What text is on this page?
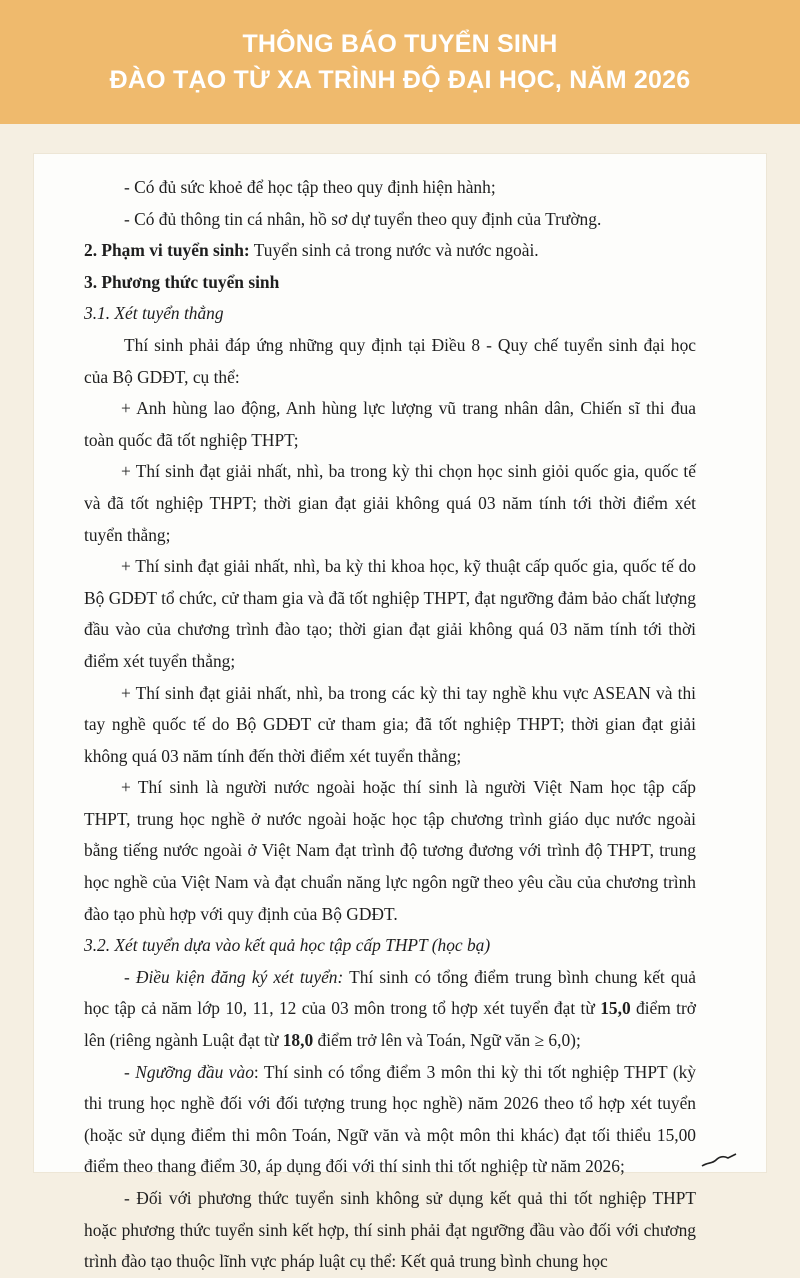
THÔNG BÁO TUYỂN SINH
ĐÀO TẠO TỪ XA TRÌNH ĐỘ ĐẠI HỌC, NĂM 2026

- Có đủ sức khoẻ để học tập theo quy định hiện hành;

- Có đủ thông tin cá nhân, hồ sơ dự tuyển theo quy định của Trường.

2. Phạm vi tuyển sinh: Tuyển sinh cả trong nước và nước ngoài.

3. Phương thức tuyển sinh

3.1. Xét tuyển thẳng

Thí sinh phải đáp ứng những quy định tại Điều 8 - Quy chế tuyển sinh đại học của Bộ GDĐT, cụ thể:

+ Anh hùng lao động, Anh hùng lực lượng vũ trang nhân dân, Chiến sĩ thi đua toàn quốc đã tốt nghiệp THPT;

+ Thí sinh đạt giải nhất, nhì, ba trong kỳ thi chọn học sinh giỏi quốc gia, quốc tế và đã tốt nghiệp THPT; thời gian đạt giải không quá 03 năm tính tới thời điểm xét tuyển thẳng;

+ Thí sinh đạt giải nhất, nhì, ba kỳ thi khoa học, kỹ thuật cấp quốc gia, quốc tế do Bộ GDĐT tổ chức, cử tham gia và đã tốt nghiệp THPT, đạt ngưỡng đảm bảo chất lượng đầu vào của chương trình đào tạo; thời gian đạt giải không quá 03 năm tính tới thời điểm xét tuyển thẳng;

+ Thí sinh đạt giải nhất, nhì, ba trong các kỳ thi tay nghề khu vực ASEAN và thi tay nghề quốc tế do Bộ GDĐT cử tham gia; đã tốt nghiệp THPT; thời gian đạt giải không quá 03 năm tính đến thời điểm xét tuyển thẳng;

+ Thí sinh là người nước ngoài hoặc thí sinh là người Việt Nam học tập cấp THPT, trung học nghề ở nước ngoài hoặc học tập chương trình giáo dục nước ngoài bằng tiếng nước ngoài ở Việt Nam đạt trình độ tương đương với trình độ THPT, trung học nghề của Việt Nam và đạt chuẩn năng lực ngôn ngữ theo yêu cầu của chương trình đào tạo phù hợp với quy định của Bộ GDĐT.

3.2. Xét tuyển dựa vào kết quả học tập cấp THPT (học bạ)

- Điều kiện đăng ký xét tuyển: Thí sinh có tổng điểm trung bình chung kết quả học tập cả năm lớp 10, 11, 12 của 03 môn trong tổ hợp xét tuyển đạt từ 15,0 điểm trở lên (riêng ngành Luật đạt từ 18,0 điểm trở lên và Toán, Ngữ văn ≥ 6,0);

- Ngưỡng đầu vào: Thí sinh có tổng điểm 3 môn thi kỳ thi tốt nghiệp THPT (kỳ thi trung học nghề đối với đối tượng trung học nghề) năm 2026 theo tổ hợp xét tuyển (hoặc sử dụng điểm thi môn Toán, Ngữ văn và một môn thi khác) đạt tối thiểu 15,00 điểm theo thang điểm 30, áp dụng đối với thí sinh thi tốt nghiệp từ năm 2026;

- Đối với phương thức tuyển sinh không sử dụng kết quả thi tốt nghiệp THPT hoặc phương thức tuyển sinh kết hợp, thí sinh phải đạt ngưỡng đầu vào đối với chương trình đào tạo thuộc lĩnh vực pháp luật cụ thể: Kết quả trung bình chung học
